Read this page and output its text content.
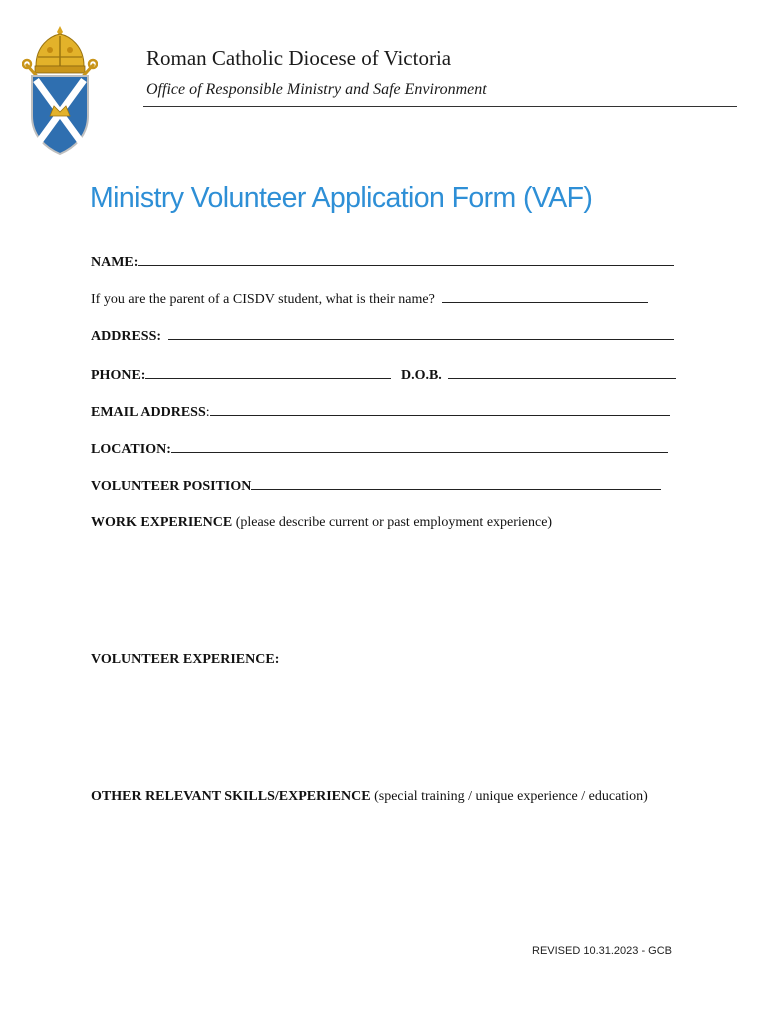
Roman Catholic Diocese of Victoria
Office of Responsible Ministry and Safe Environment
Ministry Volunteer Application Form (VAF)
NAME:
If you are the parent of a CISDV student, what is their name?
ADDRESS:
PHONE:	D.O.B.
EMAIL ADDRESS:
LOCATION:
VOLUNTEER POSITION
WORK EXPERIENCE (please describe current or past employment experience)
VOLUNTEER EXPERIENCE:
OTHER RELEVANT SKILLS/EXPERIENCE (special training / unique experience / education)
REVISED 10.31.2023 - GCB
